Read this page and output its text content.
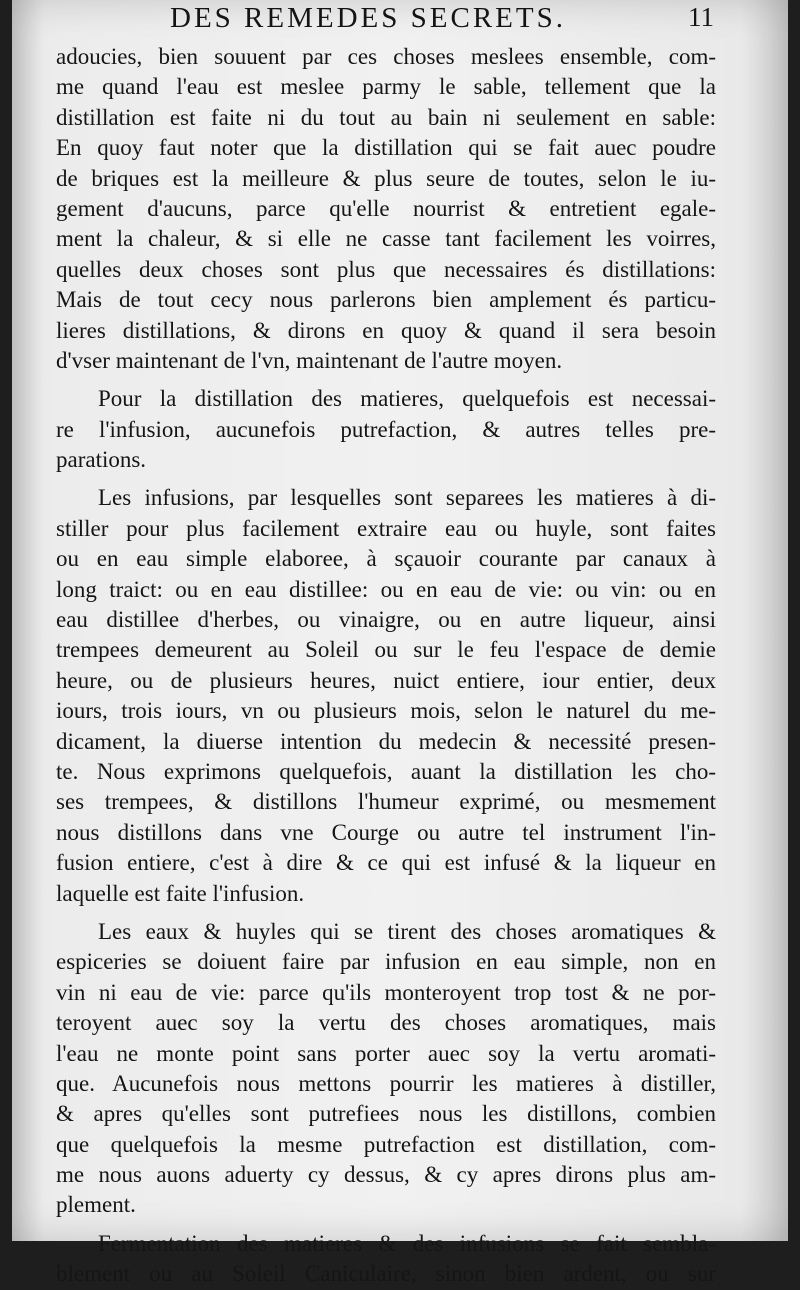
DES REMEDES SECRETS.	11
adoucies, bien souuent par ces choses meslees ensemble, com-
me quand l'eau est meslee parmy le sable, tellement que la
distillation est faite ni du tout au bain ni seulement en sable:
En quoy faut noter que la distillation qui se fait auec poudre
de briques est la meilleure & plus seure de toutes, selon le iu-
gement d'aucuns, parce qu'elle nourrist & entretient egale-
ment la chaleur, & si elle ne casse tant facilement les voirres,
quelles deux choses sont plus que necessaires és distillations:
Mais de tout cecy nous parlerons bien amplement és particu-
lieres distillations, & dirons en quoy & quand il sera besoin
d'vser maintenant de l'vn, maintenant de l'autre moyen.
Pour la distillation des matieres, quelquefois est necessai-
re l'infusion, aucunefois putrefaction, & autres telles pre-
parations.
Les infusions, par lesquelles sont separees les matieres à di-
stiller pour plus facilement extraire eau ou huyle, sont faites
ou en eau simple elaboree, à sçauoir courante par canaux à
long traict: ou en eau distillee: ou en eau de vie: ou vin: ou en
eau distillee d'herbes, ou vinaigre, ou en autre liqueur, ainsi
trempees demeurent au Soleil ou sur le feu l'espace de demie
heure, ou de plusieurs heures, nuict entiere, iour entier, deux
iours, trois iours, vn ou plusieurs mois, selon le naturel du me-
dicament, la diuerse intention du medecin & necessité presen-
te. Nous exprimons quelquefois, auant la distillation les cho-
ses trempees, & distillons l'humeur exprimé, ou mesmement
nous distillons dans vne Courge ou autre tel instrument l'in-
fusion entiere, c'est à dire & ce qui est infusé & la liqueur en
laquelle est faite l'infusion.
Les eaux & huyles qui se tirent des choses aromatiques &
espiceries se doiuent faire par infusion en eau simple, non en
vin ni eau de vie: parce qu'ils monteroyent trop tost & ne por-
teroyent auec soy la vertu des choses aromatiques, mais
l'eau ne monte point sans porter auec soy la vertu aromati-
que. Aucunefois nous mettons pourrir les matieres à distiller,
& apres qu'elles sont putrefiees nous les distillons, combien
que quelquefois la mesme putrefaction est distillation, com-
me nous auons aduerty cy dessus, & cy apres dirons plus am-
plement.
Fermentation des matieres & des infusions se fait sembla-
blement ou au Soleil Caniculaire, sinon bien ardent, ou sur
